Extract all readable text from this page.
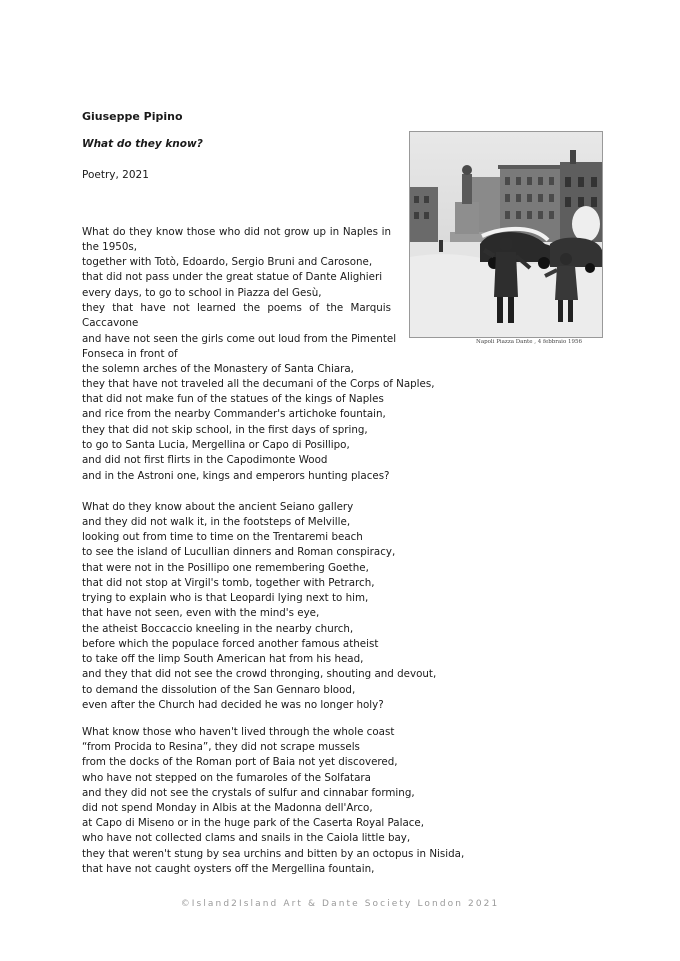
Giuseppe Pipino

What do they know?

Poetry, 2021

Napoli Piazza Dante , 4 febbraio 1956

What do they know those who did not grow up in Naples in

the 1950s,

together with Totò, Edoardo, Sergio Bruni and Carosone,

that did not pass under the great statue of Dante Alighieri

every days, to go to school in Piazza del Gesù,

they that have not learned the poems of the Marquis

Caccavone

and have not seen the girls come out loud from the Pimentel

Fonseca in front of

the solemn arches of the Monastery of Santa Chiara,

they that have not traveled all the decumani of the Corps of Naples,

that did not make fun of the statues of the kings of Naples

and rice from the nearby Commander's artichoke fountain,

they that did not skip school, in the first days of spring,

to go to Santa Lucia, Mergellina or Capo di Posillipo,

and did not first flirts in the Capodimonte Wood

and in the Astroni one, kings and emperors hunting places?

What do they know about the ancient Seiano gallery

and they did not walk it, in the footsteps of Melville,

looking out from time to time on the Trentaremi beach

to see the island of Lucullian dinners and Roman conspiracy,

that were not in the Posillipo one remembering Goethe,

that did not stop at Virgil's tomb, together with Petrarch,

trying to explain who is that Leopardi lying next to him,

that have not seen, even with the mind's eye,

the atheist Boccaccio kneeling in the nearby church,

before which the populace forced another famous atheist

to take off the limp South American hat from his head,

and they that did not see the crowd thronging, shouting and devout,

to demand the dissolution of the San Gennaro blood,

even after the Church had decided he was no longer holy?

What know those who haven't lived through the whole coast

“from Procida to Resina”, they did not scrape mussels

from the docks of the Roman port of Baia not yet discovered,

who have not stepped on the fumaroles of the Solfatara

and they did not see the crystals of sulfur and cinnabar forming,

did not spend Monday in Albis at the Madonna dell'Arco,

at Capo di Miseno or in the huge park of the Caserta Royal Palace,

who have not collected clams and snails in the Caiola little bay,

they that weren't stung by sea urchins and bitten by an octopus in Nisida,

that have not caught oysters off the Mergellina fountain,

©Island2Island Art & Dante Society London 2021
